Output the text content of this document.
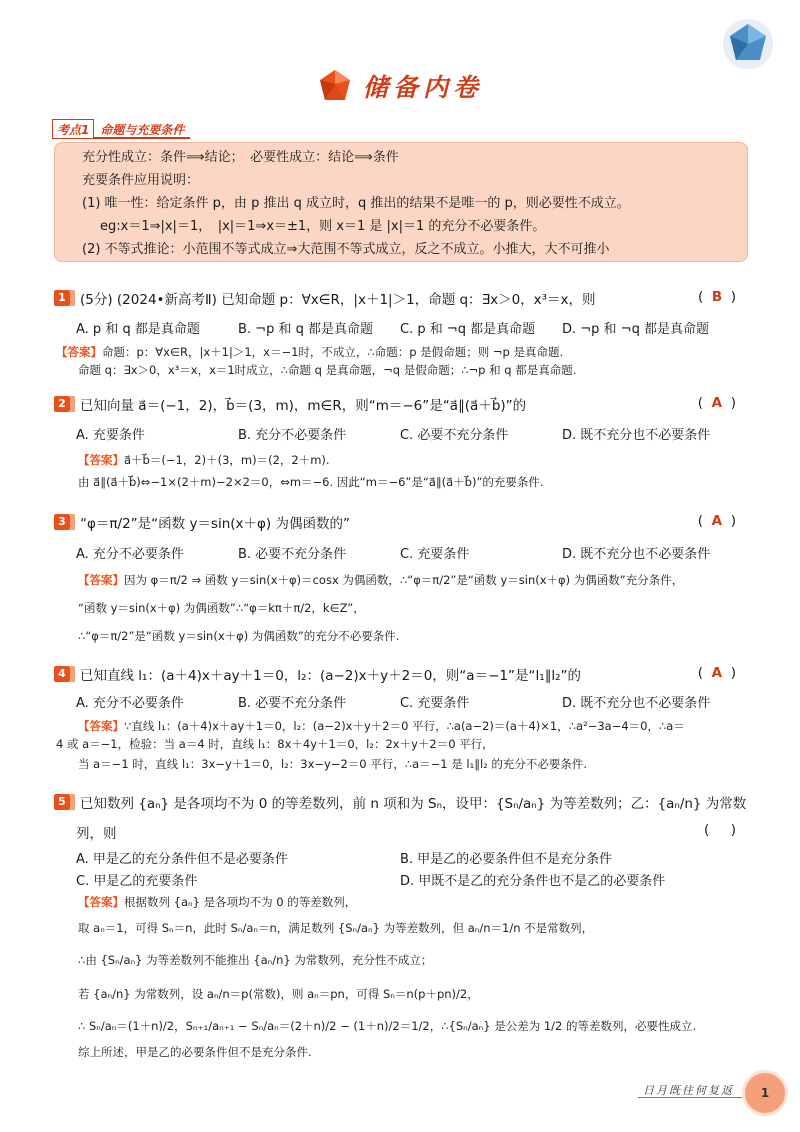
储备内卷
考点1 命题与充要条件
充分性成立：条件⟹结论；　必要性成立：结论⟹条件
充要条件应用说明：
(1) 唯一性：给定条件 p，由 p 推出 q 成立时，q 推出的结果不是唯一的 p，则必要性不成立。
eg:x＝1⇒|x|＝1，　|x|＝1⇒x＝±1，则 x＝1 是 |x|＝1 的充分不必要条件。
(2) 不等式推论：小范围不等式成立⇒大范围不等式成立，反之不成立。小推大，大不可推小
1	(5分) (2024•新高考Ⅱ) 已知命题 p：∀x∈R，|x＋1|＞1，命题 q：∃x＞0，x³＝x，则	( B )
A. p 和 q 都是真命题	B. ¬p 和 q 都是真命题 C. p 和 ¬q 都是真命题 D. ¬p 和 ¬q 都是真命题
【答案】命题：p：∀x∈R，|x＋1|＞1，x＝−1时，不成立，∴命题：p 是假命题；则 ¬p 是真命题.
命题 q：∃x＞0，x³＝x，x＝1时成立，∴命题 q 是真命题，¬q 是假命题；∴¬p 和 q 都是真命题.
2	已知向量 a⃗＝(−1，2)，b⃗＝(3，m)，m∈R，则“m＝−6”是“a⃗∥(a⃗＋b⃗)”的	( A )
A. 充要条件	B. 充分不必要条件	C. 必要不充分条件	D. 既不充分也不必要条件
【答案】a⃗＋b⃗＝(−1，2)＋(3，m)＝(2，2＋m).
由 a⃗∥(a⃗＋b⃗)⇔−1×(2＋m)−2×2＝0，⇔m＝−6. 因此“m＝−6”是“a⃗∥(a⃗＋b⃗)”的充要条件.
3	“φ＝π/2”是“函数 y＝sin(x＋φ) 为偶函数的”	( A )
A. 充分不必要条件	B. 必要不充分条件	C. 充要条件	D. 既不充分也不必要条件
【答案】因为 φ＝π/2 ⇒ 函数 y＝sin(x＋φ)＝cosx 为偶函数，∴“φ＝π/2”是“函数 y＝sin(x＋φ) 为偶函数”充分条件，
“函数 y＝sin(x＋φ) 为偶函数”∴“φ＝kπ＋π/2，k∈Z”，
∴“φ＝π/2”是“函数 y＝sin(x＋φ) 为偶函数”的充分不必要条件.
4	已知直线 l₁：(a＋4)x＋ay＋1＝0，l₂：(a−2)x＋y＋2＝0，则“a＝−1”是“l₁∥l₂”的	( A )
A. 充分不必要条件	B. 必要不充分条件	C. 充要条件	D. 既不充分也不必要条件
【答案】∵直线 l₁：(a＋4)x＋ay＋1＝0，l₂：(a−2)x＋y＋2＝0 平行，∴a(a−2)＝(a＋4)×1，∴a²−3a−4＝0，∴a＝
4 或 a＝−1，检验：当 a＝4 时，直线 l₁：8x＋4y＋1＝0，l₂：2x＋y＋2＝0 平行，
当 a＝−1 时，直线 l₁：3x−y＋1＝0，l₂：3x−y−2＝0 平行，∴a＝−1 是 l₁∥l₂ 的充分不必要条件.
5	已知数列 {aₙ} 是各项均不为 0 的等差数列，前 n 项和为 Sₙ，设甲：{Sₙ/aₙ} 为等差数列；乙：{aₙ/n} 为常数
列，则	( )
A. 甲是乙的充分条件但不是必要条件	B. 甲是乙的必要条件但不是充分条件
C. 甲是乙的充要条件	D. 甲既不是乙的充分条件也不是乙的必要条件
【答案】根据数列 {aₙ} 是各项均不为 0 的等差数列，
取 aₙ＝1，可得 Sₙ＝n，此时 Sₙ/aₙ＝n，满足数列 {Sₙ/aₙ} 为等差数列，但 aₙ/n＝1/n 不是常数列，
∴由 {Sₙ/aₙ} 为等差数列不能推出 {aₙ/n} 为常数列，充分性不成立；
若 {aₙ/n} 为常数列，设 aₙ/n＝p(常数)，则 aₙ＝pn，可得 Sₙ＝n(p＋pn)/2，
∴ Sₙ/aₙ＝(1＋n)/2，Sₙ₊₁/aₙ₊₁ − Sₙ/aₙ＝(2＋n)/2 − (1＋n)/2＝1/2，∴{Sₙ/aₙ} 是公差为 1/2 的等差数列，必要性成立.
综上所述，甲是乙的必要条件但不是充分条件.
日月既往何复返	1
